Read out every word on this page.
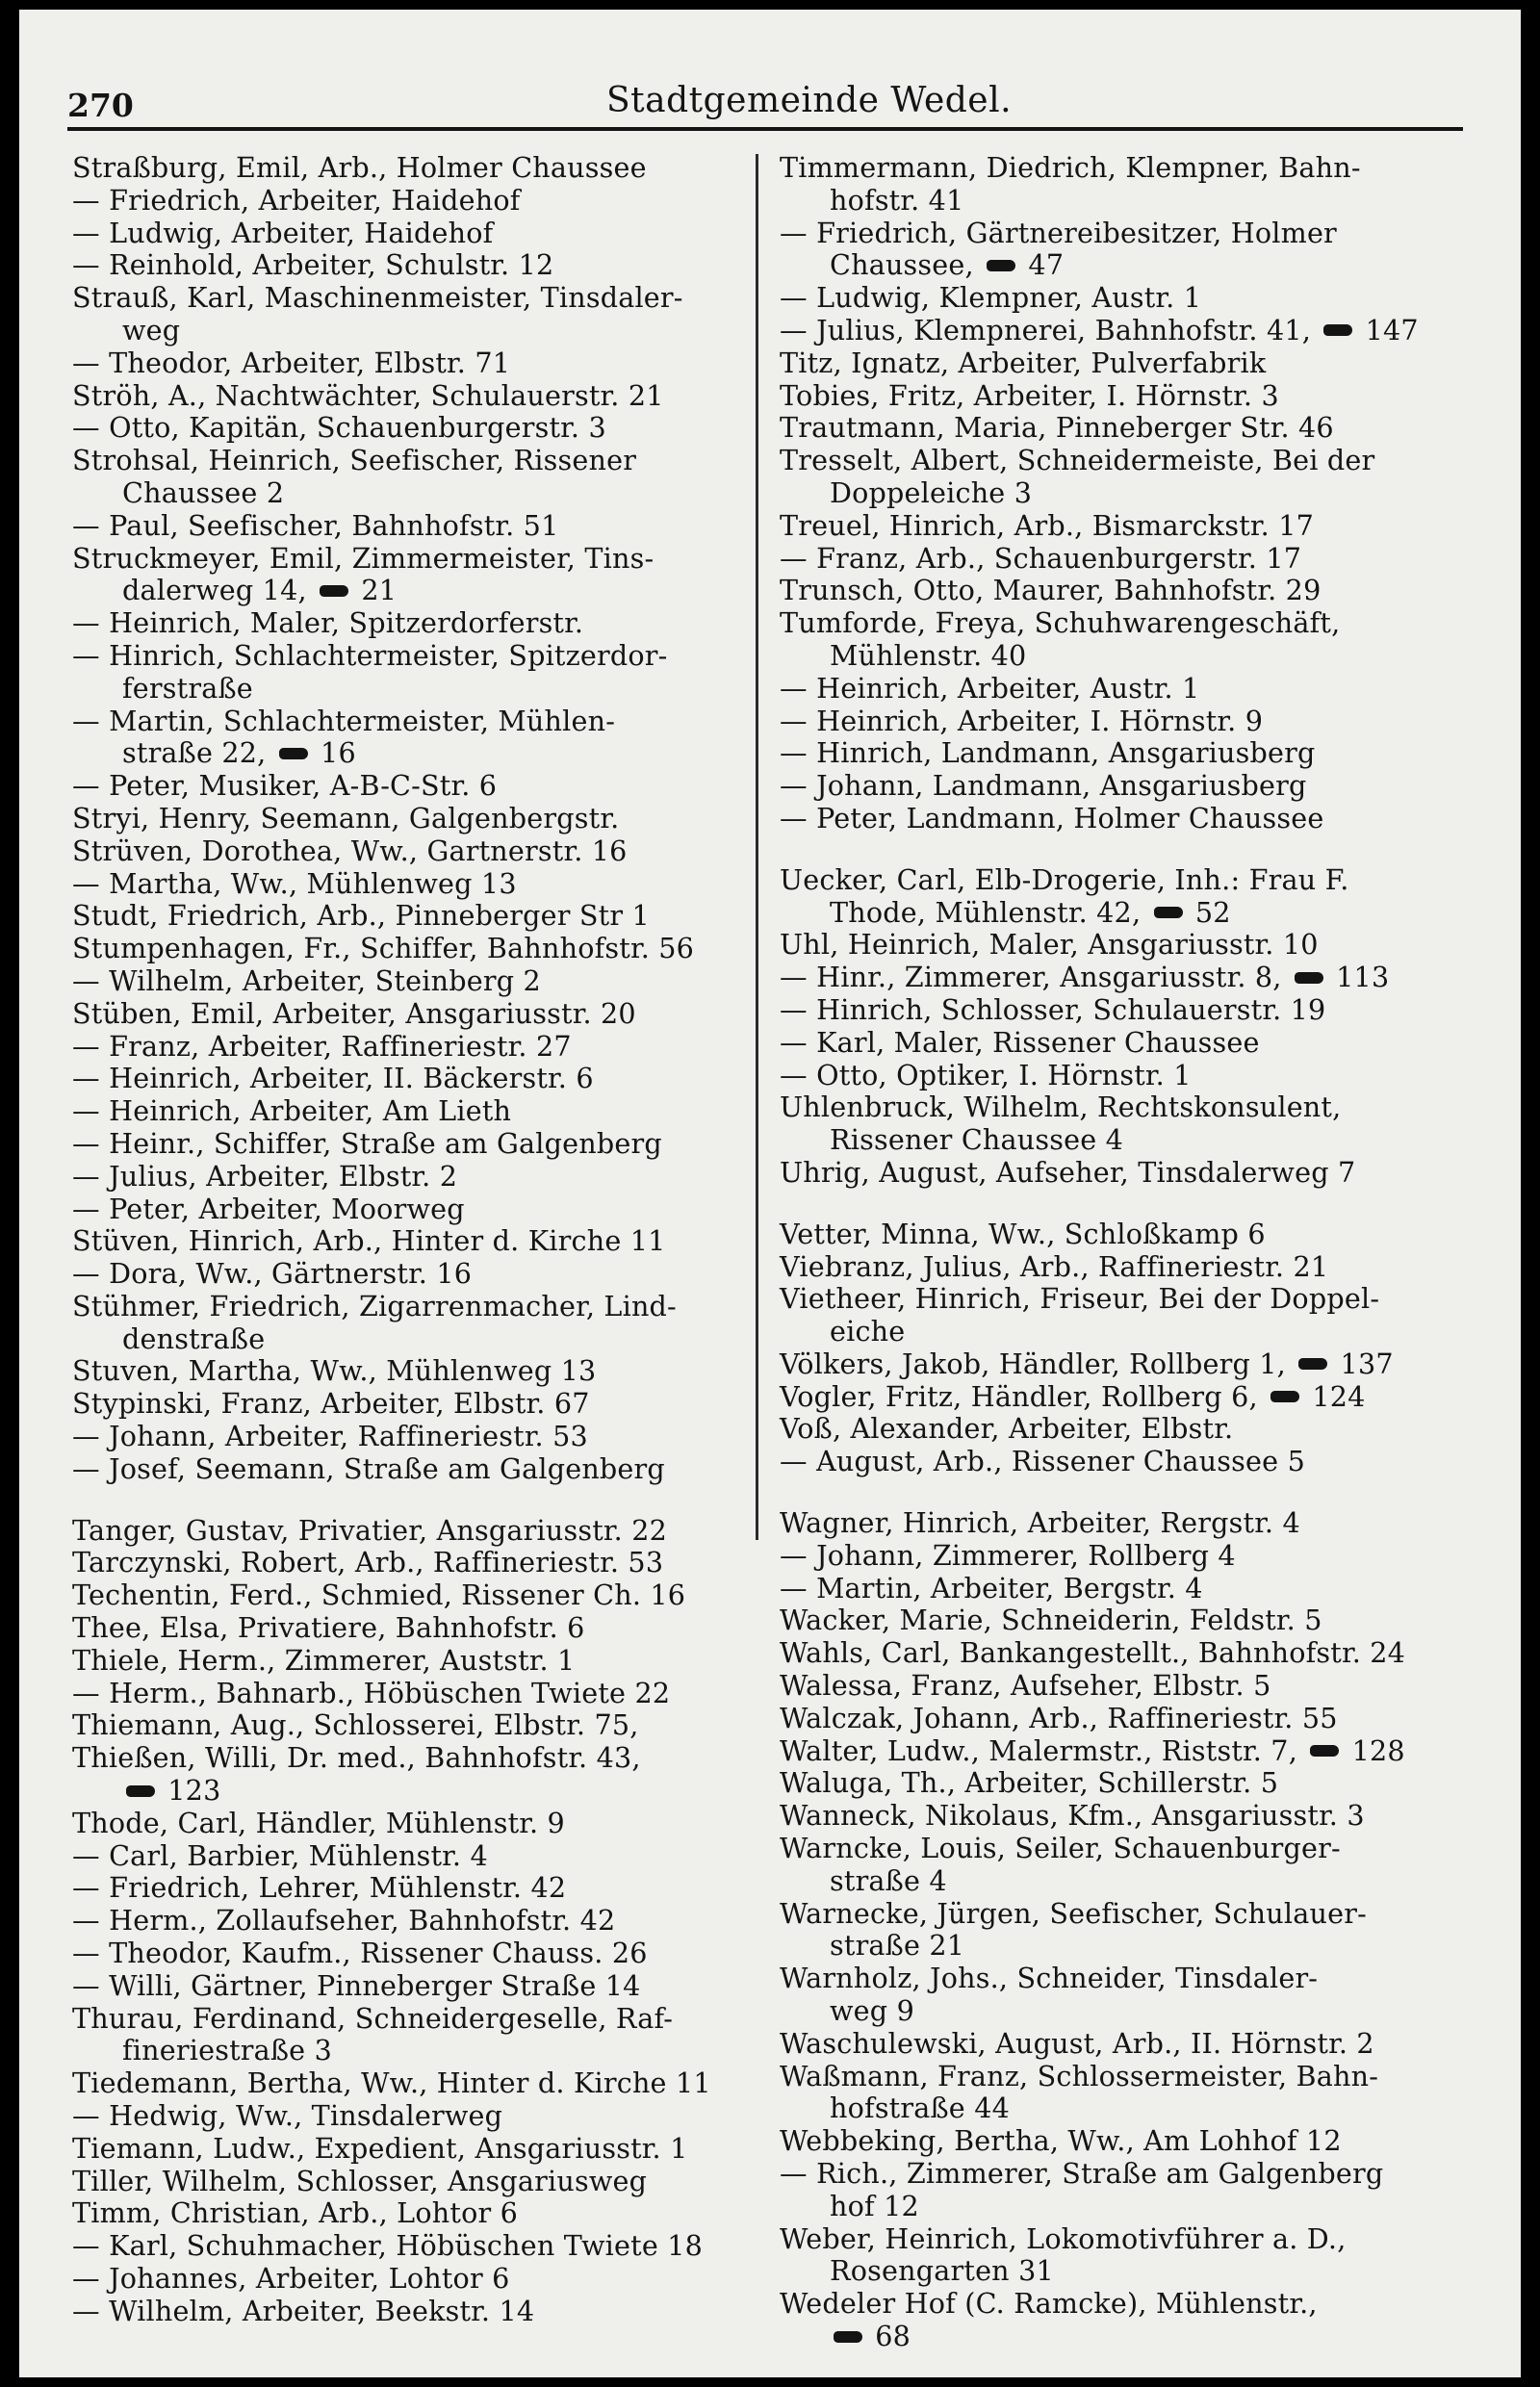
270	Stadtgemeinde Wedel.
Straßburg, Emil, Arb., Holmer Chaussee
— Friedrich, Arbeiter, Haidehof
— Ludwig, Arbeiter, Haidehof
— Reinhold, Arbeiter, Schulstr. 12
Strauß, Karl, Maschinenmeister, Tinsdaler-
weg
— Theodor, Arbeiter, Elbstr. 71
Ströh, A., Nachtwächter, Schulauerstr. 21
— Otto, Kapitän, Schauenburgerstr. 3
Strohsal, Heinrich, Seefischer, Rissener
Chaussee 2
— Paul, Seefischer, Bahnhofstr. 51
Struckmeyer, Emil, Zimmermeister, Tins-
dalerweg 14,  21
— Heinrich, Maler, Spitzerdorferstr.
— Hinrich, Schlachtermeister, Spitzerdor-
ferstraße
— Martin, Schlachtermeister, Mühlen-
straße 22,  16
— Peter, Musiker, A-B-C-Str. 6
Stryi, Henry, Seemann, Galgenbergstr.
Strüven, Dorothea, Ww., Gartnerstr. 16
— Martha, Ww., Mühlenweg 13
Studt, Friedrich, Arb., Pinneberger Str 1
Stumpenhagen, Fr., Schiffer, Bahnhofstr. 56
— Wilhelm, Arbeiter, Steinberg 2
Stüben, Emil, Arbeiter, Ansgariusstr. 20
— Franz, Arbeiter, Raffineriestr. 27
— Heinrich, Arbeiter, II. Bäckerstr. 6
— Heinrich, Arbeiter, Am Lieth
— Heinr., Schiffer, Straße am Galgenberg
— Julius, Arbeiter, Elbstr. 2
— Peter, Arbeiter, Moorweg
Stüven, Hinrich, Arb., Hinter d. Kirche 11
— Dora, Ww., Gärtnerstr. 16
Stühmer, Friedrich, Zigarrenmacher, Lind-
denstraße
Stuven, Martha, Ww., Mühlenweg 13
Stypinski, Franz, Arbeiter, Elbstr. 67
— Johann, Arbeiter, Raffineriestr. 53
— Josef, Seemann, Straße am Galgenberg
Tanger, Gustav, Privatier, Ansgariusstr. 22
Tarczynski, Robert, Arb., Raffineriestr. 53
Techentin, Ferd., Schmied, Rissener Ch. 16
Thee, Elsa, Privatiere, Bahnhofstr. 6
Thiele, Herm., Zimmerer, Auststr. 1
— Herm., Bahnarb., Höbüschen Twiete 22
Thiemann, Aug., Schlosserei, Elbstr. 75,
Thießen, Willi, Dr. med., Bahnhofstr. 43,
123
Thode, Carl, Händler, Mühlenstr. 9
— Carl, Barbier, Mühlenstr. 4
— Friedrich, Lehrer, Mühlenstr. 42
— Herm., Zollaufseher, Bahnhofstr. 42
— Theodor, Kaufm., Rissener Chauss. 26
— Willi, Gärtner, Pinneberger Straße 14
Thurau, Ferdinand, Schneidergeselle, Raf-
fineriestraße 3
Tiedemann, Bertha, Ww., Hinter d. Kirche 11
— Hedwig, Ww., Tinsdalerweg
Tiemann, Ludw., Expedient, Ansgariusstr. 1
Tiller, Wilhelm, Schlosser, Ansgariusweg
Timm, Christian, Arb., Lohtor 6
— Karl, Schuhmacher, Höbüschen Twiete 18
— Johannes, Arbeiter, Lohtor 6
— Wilhelm, Arbeiter, Beekstr. 14
Timmermann, Diedrich, Klempner, Bahn-
hofstr. 41
— Friedrich, Gärtnereibesitzer, Holmer
Chaussee,  47
— Ludwig, Klempner, Austr. 1
— Julius, Klempnerei, Bahnhofstr. 41,  147
Titz, Ignatz, Arbeiter, Pulverfabrik
Tobies, Fritz, Arbeiter, I. Hörnstr. 3
Trautmann, Maria, Pinneberger Str. 46
Tresselt, Albert, Schneidermeiste, Bei der
Doppeleiche 3
Treuel, Hinrich, Arb., Bismarckstr. 17
— Franz, Arb., Schauenburgerstr. 17
Trunsch, Otto, Maurer, Bahnhofstr. 29
Tumforde, Freya, Schuhwarengeschäft,
Mühlenstr. 40
— Heinrich, Arbeiter, Austr. 1
— Heinrich, Arbeiter, I. Hörnstr. 9
— Hinrich, Landmann, Ansgariusberg
— Johann, Landmann, Ansgariusberg
— Peter, Landmann, Holmer Chaussee
Uecker, Carl, Elb-Drogerie, Inh.: Frau F.
Thode, Mühlenstr. 42,  52
Uhl, Heinrich, Maler, Ansgariusstr. 10
— Hinr., Zimmerer, Ansgariusstr. 8,  113
— Hinrich, Schlosser, Schulauerstr. 19
— Karl, Maler, Rissener Chaussee
— Otto, Optiker, I. Hörnstr. 1
Uhlenbruck, Wilhelm, Rechtskonsulent,
Rissener Chaussee 4
Uhrig, August, Aufseher, Tinsdalerweg 7
Vetter, Minna, Ww., Schloßkamp 6
Viebranz, Julius, Arb., Raffineriestr. 21
Vietheer, Hinrich, Friseur, Bei der Doppel-
eiche
Völkers, Jakob, Händler, Rollberg 1,  137
Vogler, Fritz, Händler, Rollberg 6,  124
Voß, Alexander, Arbeiter, Elbstr.
— August, Arb., Rissener Chaussee 5
Wagner, Hinrich, Arbeiter, Rergstr. 4
— Johann, Zimmerer, Rollberg 4
— Martin, Arbeiter, Bergstr. 4
Wacker, Marie, Schneiderin, Feldstr. 5
Wahls, Carl, Bankangestellt., Bahnhofstr. 24
Walessa, Franz, Aufseher, Elbstr. 5
Walczak, Johann, Arb., Raffineriestr. 55
Walter, Ludw., Malermstr., Riststr. 7,  128
Waluga, Th., Arbeiter, Schillerstr. 5
Wanneck, Nikolaus, Kfm., Ansgariusstr. 3
Warncke, Louis, Seiler, Schauenburger-
straße 4
Warnecke, Jürgen, Seefischer, Schulauer-
straße 21
Warnholz, Johs., Schneider, Tinsdaler-
weg 9
Waschulewski, August, Arb., II. Hörnstr. 2
Waßmann, Franz, Schlossermeister, Bahn-
hofstraße 44
Webbeking, Bertha, Ww., Am Lohhof 12
— Rich., Zimmerer, Straße am Galgenberg
hof 12
Weber, Heinrich, Lokomotivführer a. D.,
Rosengarten 31
Wedeler Hof (C. Ramcke), Mühlenstr.,
68
